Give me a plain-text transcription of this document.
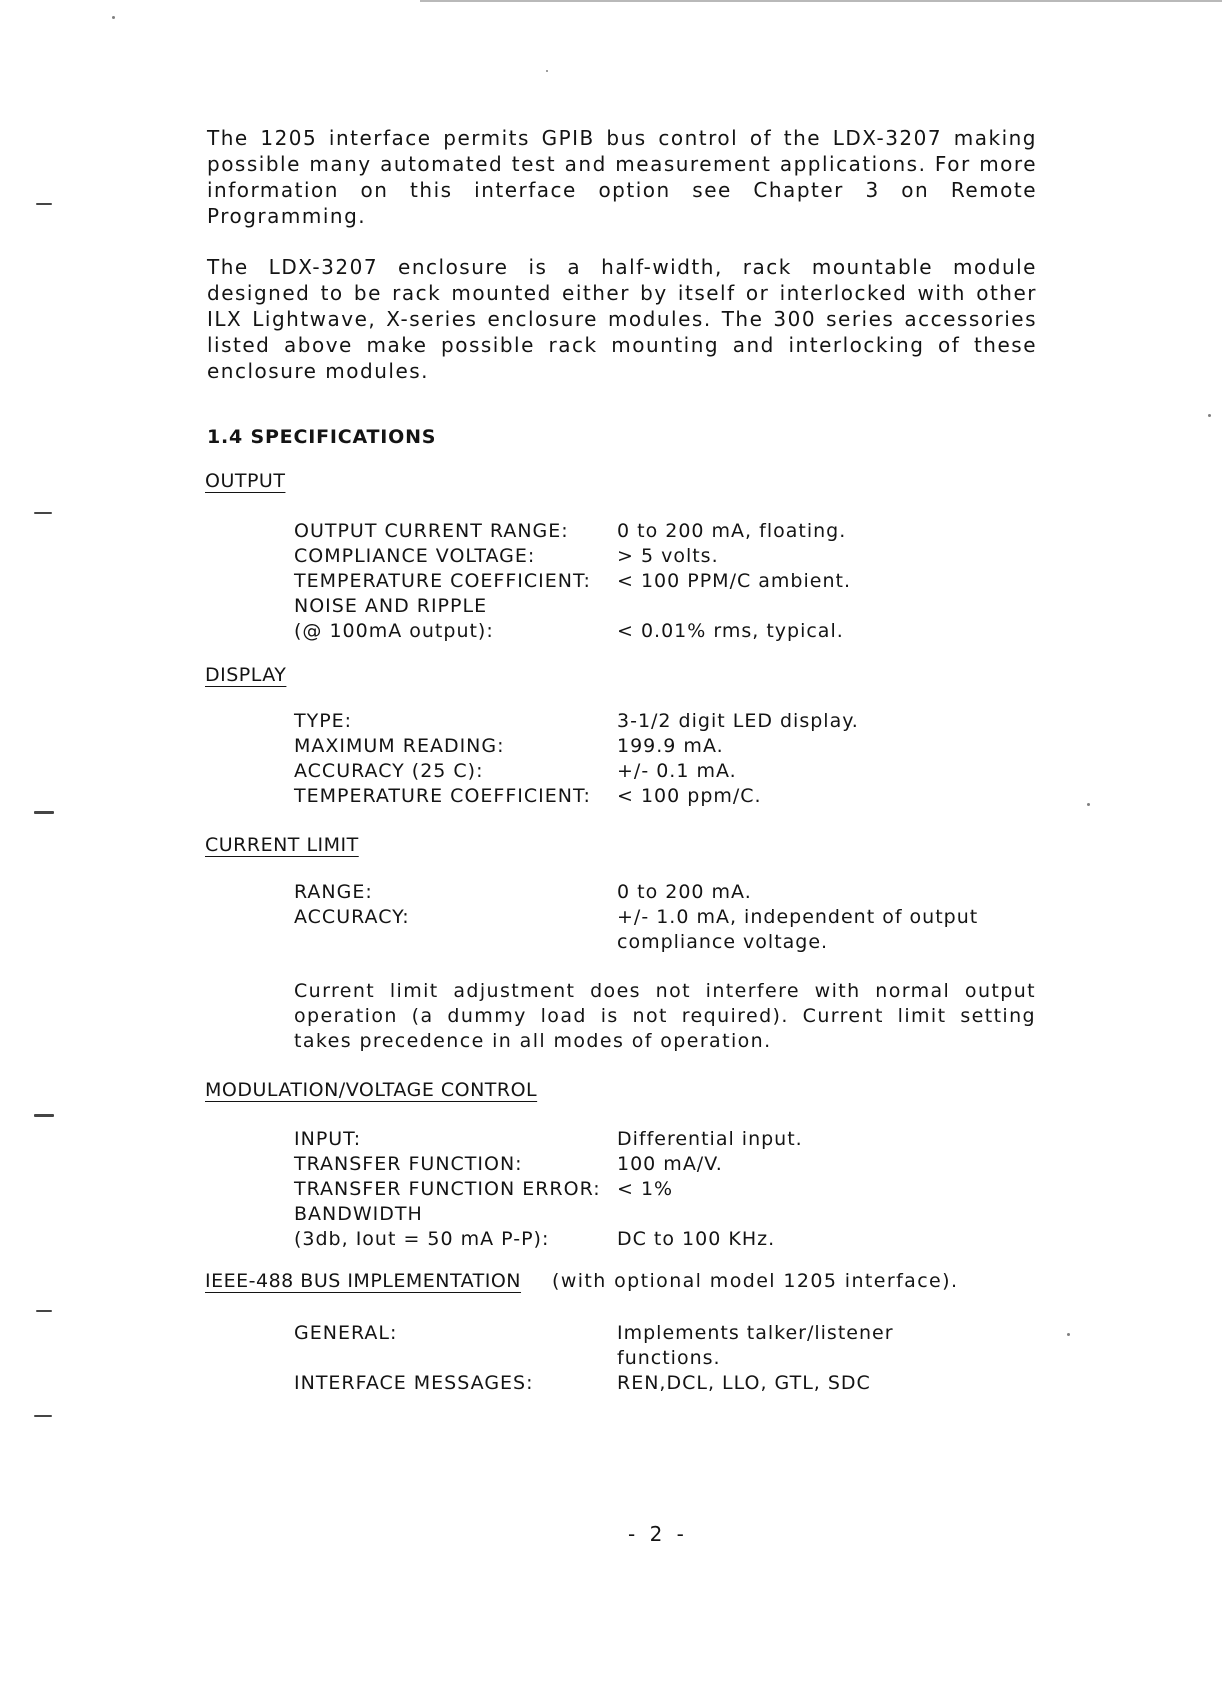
The 1205 interface permits GPIB bus control of the LDX-3207 making possible many automated test and measurement applications. For more information on this interface option see Chapter 3 on Remote Programming.

The LDX-3207 enclosure is a half-width, rack mountable module designed to be rack mounted either by itself or interlocked with other ILX Lightwave, X-series enclosure modules. The 300 series accessories listed above make possible rack mounting and interlocking of these enclosure modules.

1.4 SPECIFICATIONS
OUTPUT
OUTPUT CURRENT RANGE:	0 to 200 mA, floating.
COMPLIANCE VOLTAGE:	> 5 volts.
TEMPERATURE COEFFICIENT:	< 100 PPM/C ambient.
NOISE AND RIPPLE
(@ 100mA output):	< 0.01% rms, typical.
DISPLAY
TYPE:	3-1/2 digit LED display.
MAXIMUM READING:	199.9 mA.
ACCURACY (25 C):	+/- 0.1 mA.
TEMPERATURE COEFFICIENT:	< 100 ppm/C.
CURRENT LIMIT
RANGE:	0 to 200 mA.
ACCURACY:	+/- 1.0 mA, independent of output compliance voltage.

Current limit adjustment does not interfere with normal output operation (a dummy load is not required). Current limit setting takes precedence in all modes of operation.

MODULATION/VOLTAGE CONTROL
INPUT:	Differential input.
TRANSFER FUNCTION:	100 mA/V.
TRANSFER FUNCTION ERROR: < 1%
BANDWIDTH
(3db, Iout = 50 mA P-P):	DC to 100 KHz.
IEEE-488 BUS IMPLEMENTATION (with optional model 1205 interface).
GENERAL:	Implements talker/listener functions.
INTERFACE MESSAGES:	REN,DCL, LLO, GTL, SDC
- 2 -
